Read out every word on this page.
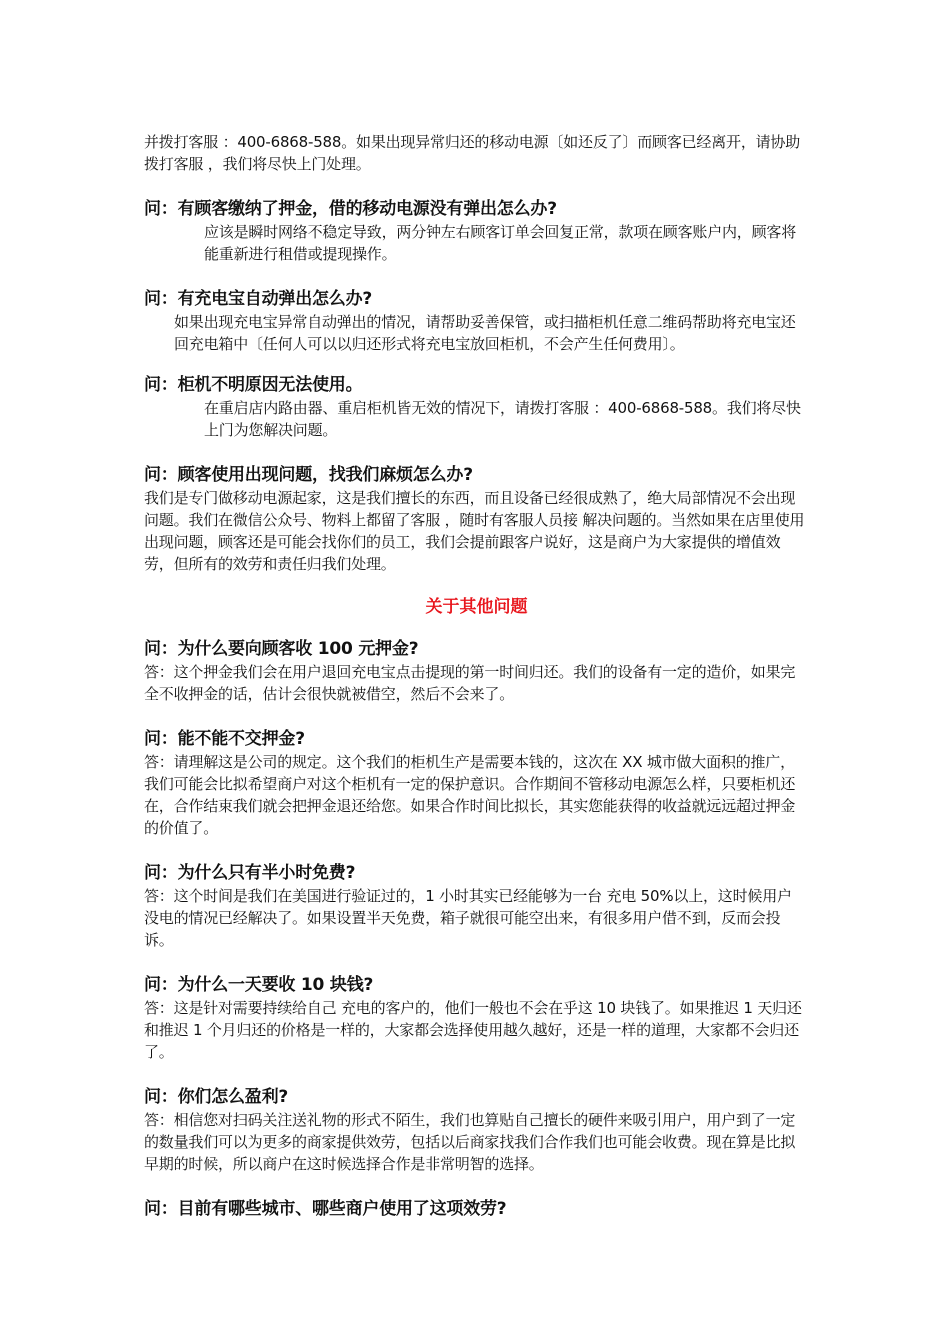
并拨打客服 ：400-6868-588。如果出现异常归还的移动电源〔如还反了〕而顾客已经离开，请协助拨打客服 ，我们将尽快上门处理。

问：有顾客缴纳了押金，借的移动电源没有弹出怎么办?

应该是瞬时网络不稳定导致，两分钟左右顾客订单会回复正常，款项在顾客账户内，顾客将能重新进行租借或提现操作。

问：有充电宝自动弹出怎么办?

如果出现充电宝异常自动弹出的情况，请帮助妥善保管，或扫描柜机任意二维码帮助将充电宝还回充电箱中〔任何人可以以归还形式将充电宝放回柜机，不会产生任何费用〕。

问：柜机不明原因无法使用。

在重启店内路由器、重启柜机皆无效的情况下，请拨打客服 ：400-6868-588。我们将尽快上门为您解决问题。

问：顾客使用出现问题，找我们麻烦怎么办?

我们是专门做移动电源起家，这是我们擅长的东西，而且设备已经很成熟了，绝大局部情况不会出现问题。我们在微信公众号、物料上都留了客服 ，随时有客服人员接 解决问题的。当然如果在店里使用出现问题，顾客还是可能会找你们的员工，我们会提前跟客户说好，这是商户为大家提供的增值效劳，但所有的效劳和责任归我们处理。

关于其他问题

问：为什么要向顾客收 100 元押金?

答：这个押金我们会在用户退回充电宝点击提现的第一时间归还。我们的设备有一定的造价，如果完全不收押金的话，估计会很快就被借空，然后不会来了。

问：能不能不交押金?

答：请理解这是公司的规定。这个我们的柜机生产是需要本钱的，这次在 XX 城市做大面积的推广，我们可能会比拟希望商户对这个柜机有一定的保护意识。合作期间不管移动电源怎么样，只要柜机还在，合作结束我们就会把押金退还给您。如果合作时间比拟长，其实您能获得的收益就远远超过押金的价值了。

问：为什么只有半小时免费?

答：这个时间是我们在美国进行验证过的，1 小时其实已经能够为一台 充电 50%以上，这时候用户 没电的情况已经解决了。如果设置半天免费，箱子就很可能空出来，有很多用户借不到，反而会投诉。

问：为什么一天要收 10 块钱?

答：这是针对需要持续给自己 充电的客户的，他们一般也不会在乎这 10 块钱了。如果推迟 1 天归还和推迟 1 个月归还的价格是一样的，大家都会选择使用越久越好，还是一样的道理，大家都不会归还了。

问：你们怎么盈利?

答：相信您对扫码关注送礼物的形式不陌生，我们也算贴自己擅长的硬件来吸引用户，用户到了一定的数量我们可以为更多的商家提供效劳，包括以后商家找我们合作我们也可能会收费。现在算是比拟早期的时候，所以商户在这时候选择合作是非常明智的选择。

问：目前有哪些城市、哪些商户使用了这项效劳?
